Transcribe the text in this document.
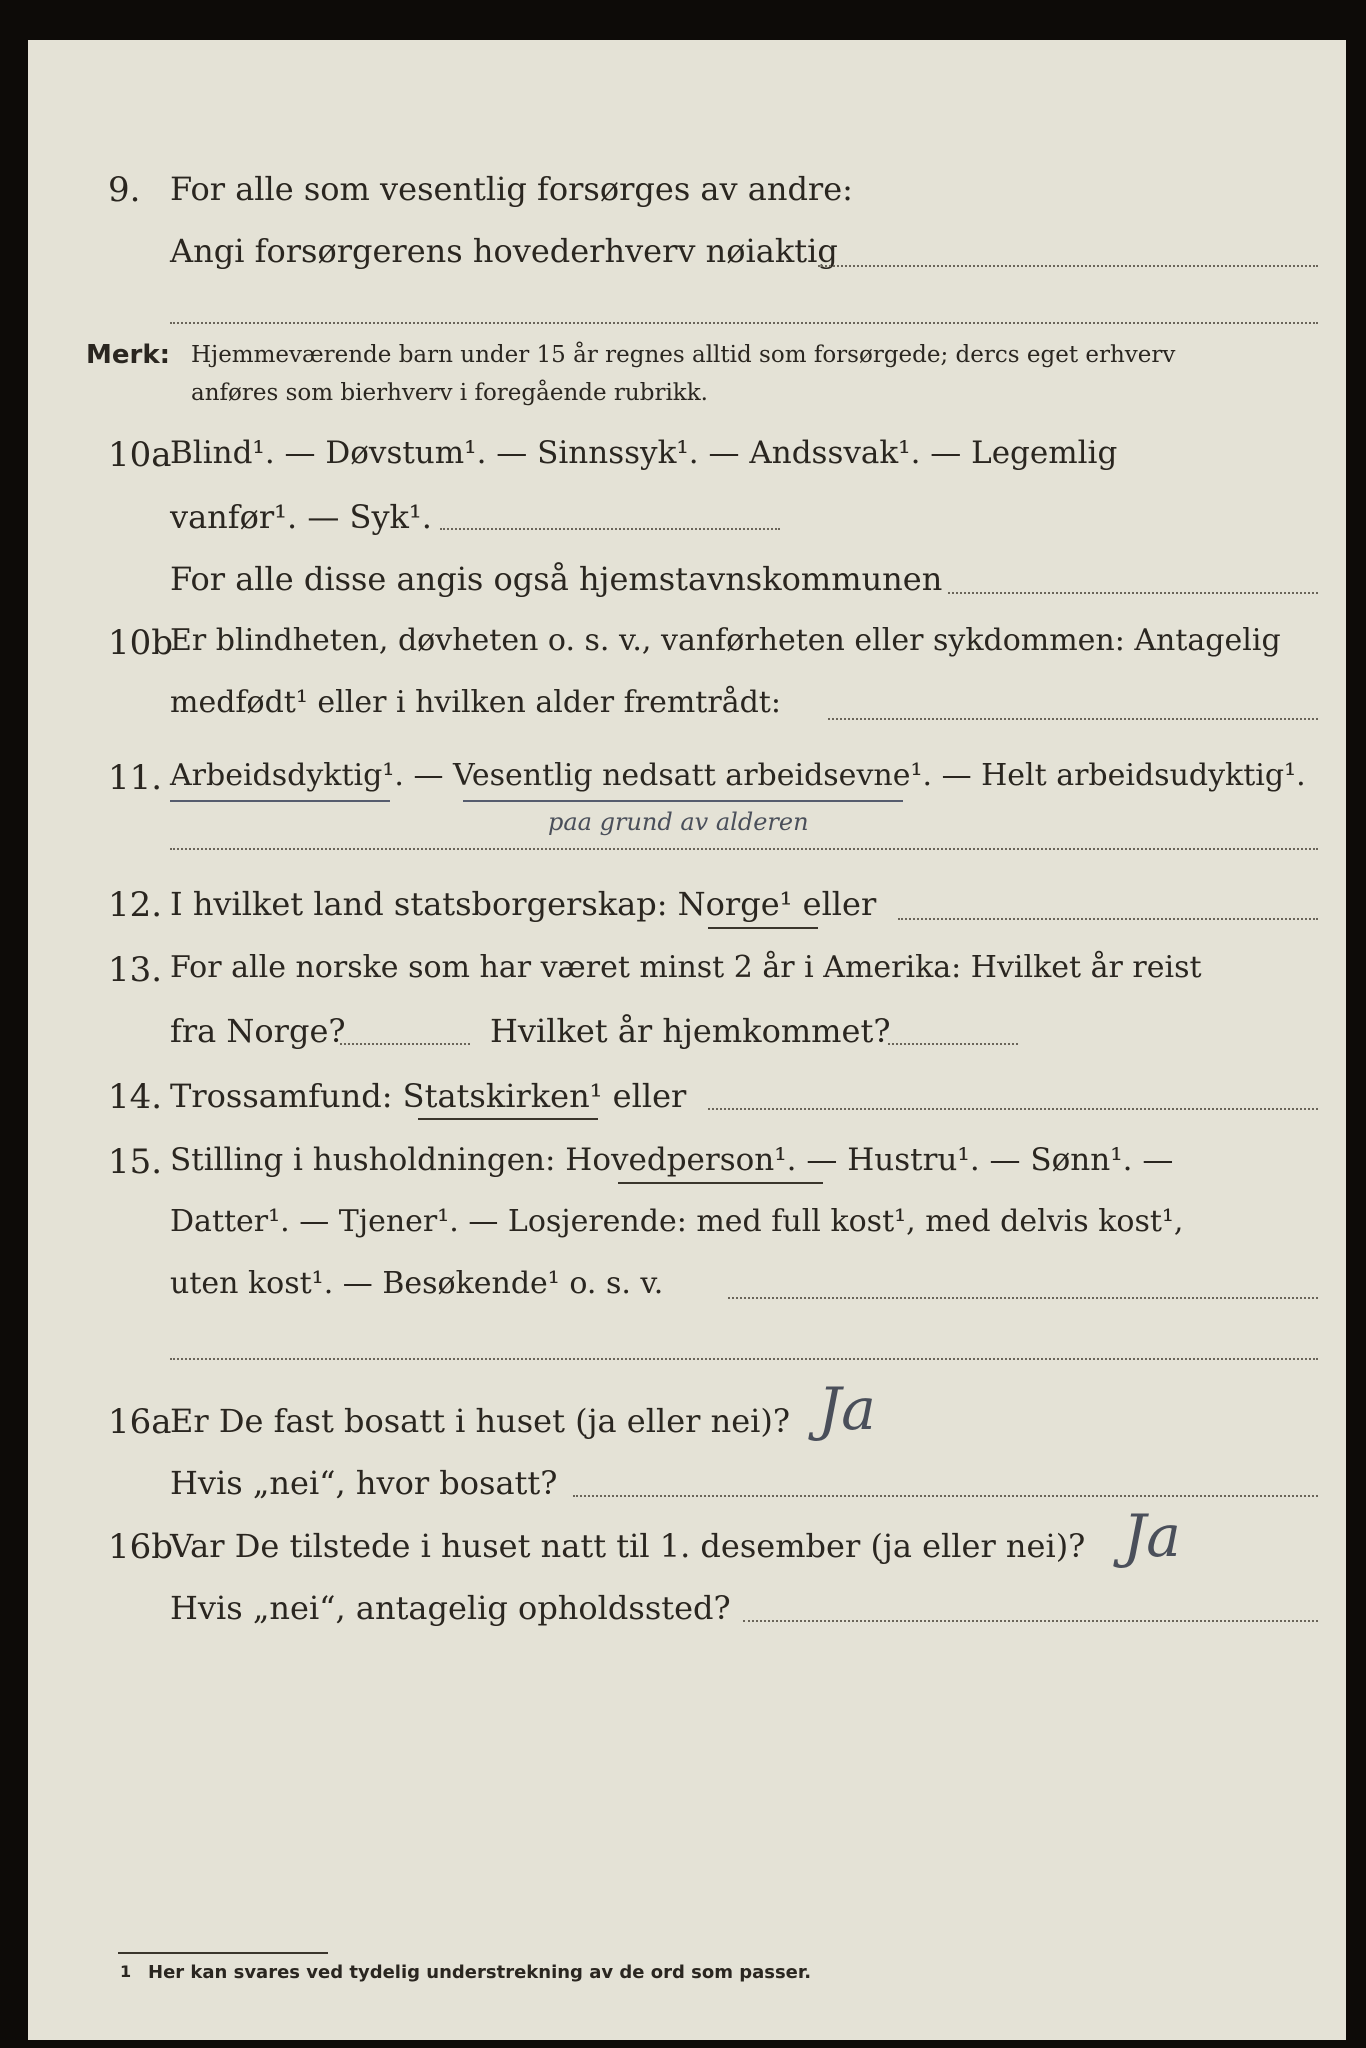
9. For alle som vesentlig forsørges av andre:
Angi forsørgerens hovederhverv nøiaktig
Merk: Hjemmeværende barn under 15 år regnes alltid som forsørgede; dercs eget erhverv
anføres som bierhverv i foregående rubrikk.
10a
Blind¹. — Døvstum¹. — Sinnssyk¹. — Andssvak¹. — Legemlig
vanfør¹. — Syk¹.
For alle disse angis også hjemstavnskommunen
10b
Er blindheten, døvheten o. s. v., vanførheten eller sykdommen: Antagelig
medfødt¹ eller i hvilken alder fremtrådt:
11. Arbeidsdyktig¹. — Vesentlig nedsatt arbeidsevne¹. — Helt arbeidsudyktig¹.
paa grund av alderen
12. I hvilket land statsborgerskap: Norge¹ eller
13. For alle norske som har været minst 2 år i Amerika: Hvilket år reist
fra Norge?	Hvilket år hjemkommet?
14. Trossamfund: Statskirken¹ eller
15. Stilling i husholdningen: Hovedperson¹. — Hustru¹. — Sønn¹. —
Datter¹. — Tjener¹. — Losjerende: med full kost¹, med delvis kost¹,
uten kost¹. — Besøkende¹ o. s. v.
16a
Er De fast bosatt i huset (ja eller nei)? Ja
Hvis „nei“, hvor bosatt?
16b
Var De tilstede i huset natt til 1. desember (ja eller nei)? Ja
Hvis „nei“, antagelig opholdssted?
1 Her kan svares ved tydelig understrekning av de ord som passer.
